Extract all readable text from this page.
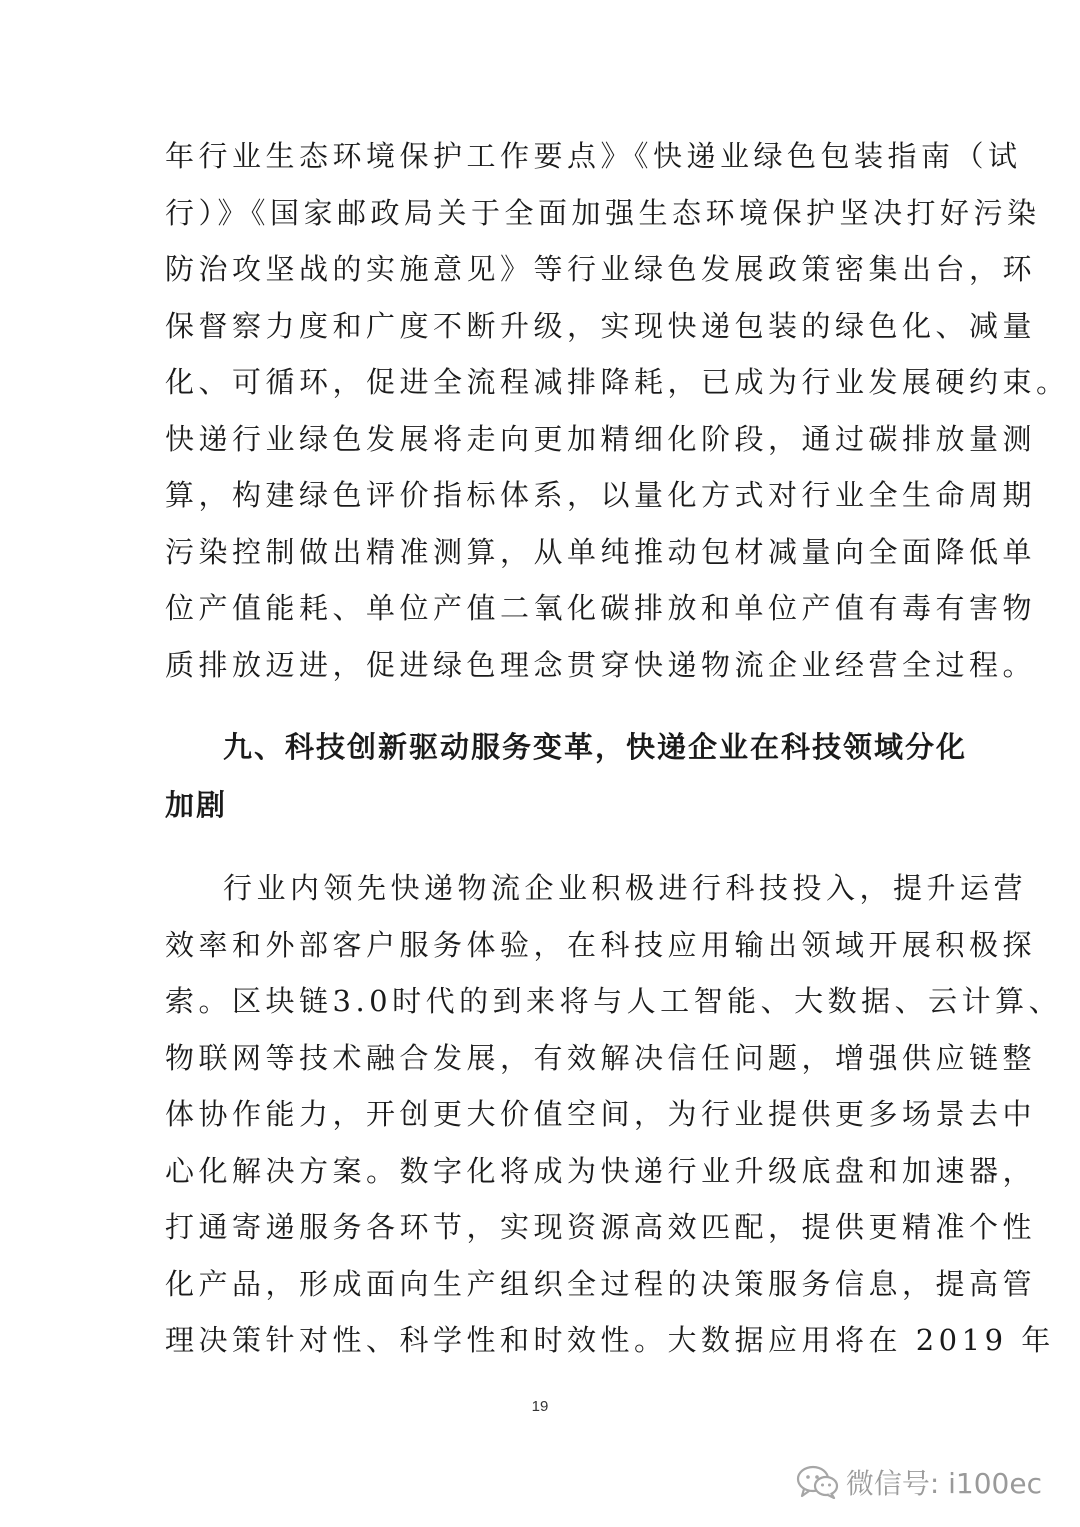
年行业生态环境保护工作要点》《快递业绿色包装指南（试
行）》《国家邮政局关于全面加强生态环境保护坚决打好污染
防治攻坚战的实施意见》等行业绿色发展政策密集出台，环
保督察力度和广度不断升级，实现快递包装的绿色化、减量
化、可循环，促进全流程减排降耗，已成为行业发展硬约束。
快递行业绿色发展将走向更加精细化阶段，通过碳排放量测
算，构建绿色评价指标体系，以量化方式对行业全生命周期
污染控制做出精准测算，从单纯推动包材减量向全面降低单
位产值能耗、单位产值二氧化碳排放和单位产值有毒有害物
质排放迈进，促进绿色理念贯穿快递物流企业经营全过程。
九、科技创新驱动服务变革，快递企业在科技领域分化
加剧
行业内领先快递物流企业积极进行科技投入，提升运营
效率和外部客户服务体验，在科技应用输出领域开展积极探
索。区块链3.0时代的到来将与人工智能、大数据、云计算、
物联网等技术融合发展，有效解决信任问题，增强供应链整
体协作能力，开创更大价值空间，为行业提供更多场景去中
心化解决方案。数字化将成为快递行业升级底盘和加速器，
打通寄递服务各环节，实现资源高效匹配，提供更精准个性
化产品，形成面向生产组织全过程的决策服务信息，提高管
理决策针对性、科学性和时效性。大数据应用将在 2019 年
19
微信号: i100ec
